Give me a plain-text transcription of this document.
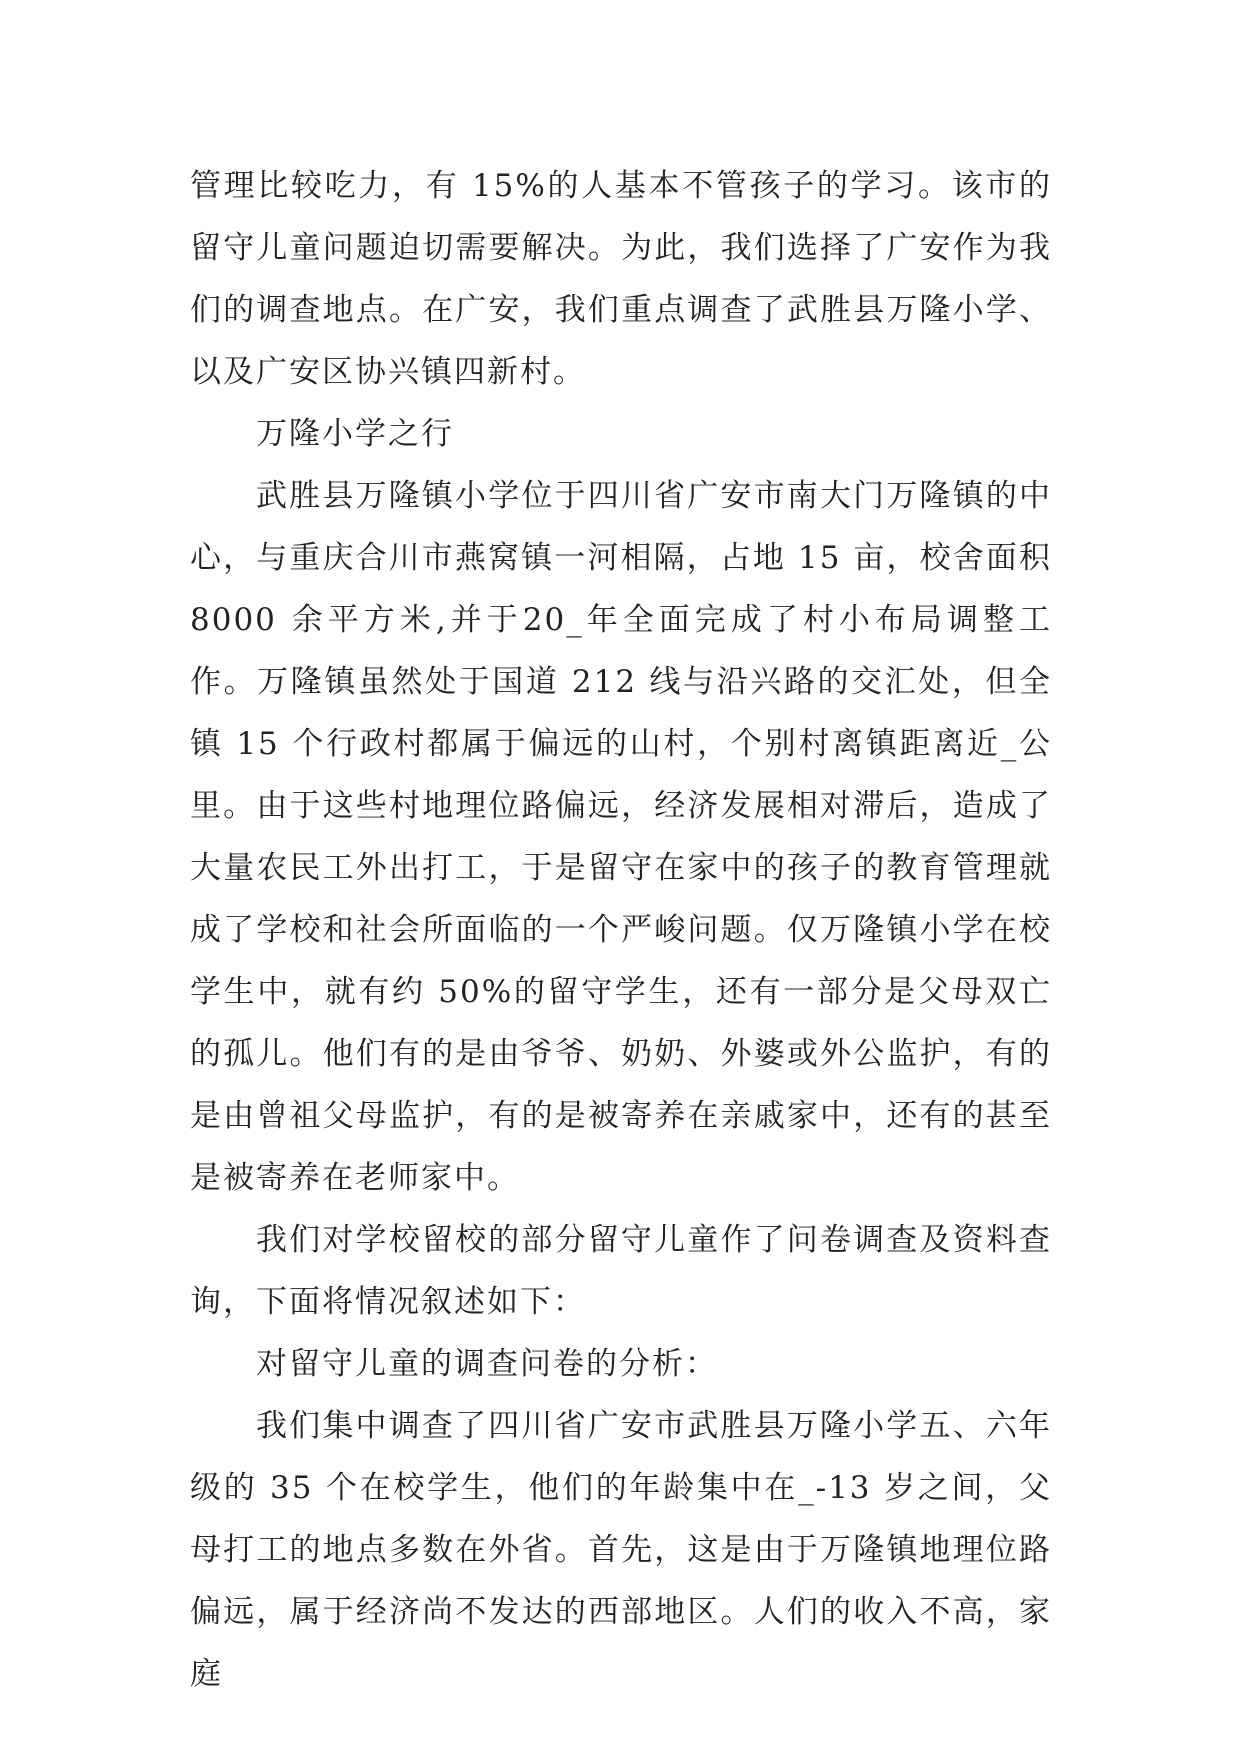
管理比较吃力，有 15%的人基本不管孩子的学习。该市的留守儿童问题迫切需要解决。为此，我们选择了广安作为我们的调查地点。在广安，我们重点调查了武胜县万隆小学、以及广安区协兴镇四新村。

万隆小学之行

武胜县万隆镇小学位于四川省广安市南大门万隆镇的中心，与重庆合川市燕窝镇一河相隔，占地 15 亩，校舍面积8000 余平方米,并于20_年全面完成了村小布局调整工作。万隆镇虽然处于国道 212 线与沿兴路的交汇处，但全镇 15 个行政村都属于偏远的山村，个别村离镇距离近_公里。由于这些村地理位路偏远，经济发展相对滞后，造成了大量农民工外出打工，于是留守在家中的孩子的教育管理就成了学校和社会所面临的一个严峻问题。仅万隆镇小学在校学生中，就有约 50%的留守学生，还有一部分是父母双亡的孤儿。他们有的是由爷爷、奶奶、外婆或外公监护，有的是由曾祖父母监护，有的是被寄养在亲戚家中，还有的甚至是被寄养在老师家中。

我们对学校留校的部分留守儿童作了问卷调查及资料查询，下面将情况叙述如下：

对留守儿童的调查问卷的分析：

我们集中调查了四川省广安市武胜县万隆小学五、六年级的 35 个在校学生，他们的年龄集中在_-13 岁之间，父母打工的地点多数在外省。首先，这是由于万隆镇地理位路偏远，属于经济尚不发达的西部地区。人们的收入不高，家庭
